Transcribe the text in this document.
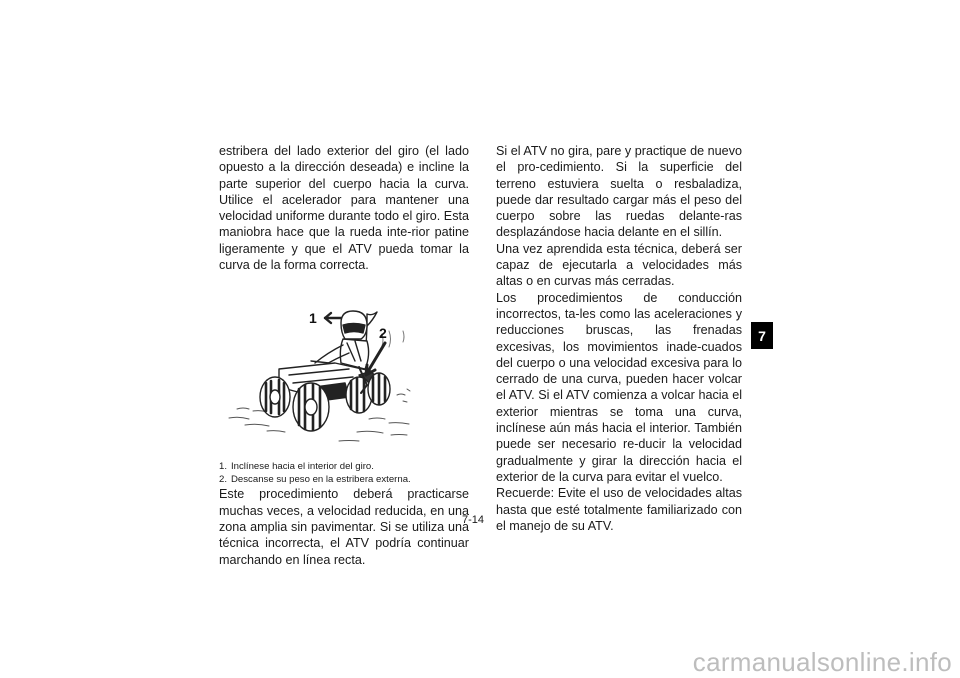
estribera del lado exterior del giro (el lado opuesto a la dirección deseada) e incline la parte superior del cuerpo hacia la curva. Utilice el acelerador para mantener una velocidad uniforme durante todo el giro. Esta maniobra hace que la rueda inte-rior patine ligeramente y que el ATV pueda tomar la curva de la forma correcta.

1
2
1. Inclínese hacia el interior del giro.
2. Descanse su peso en la estribera externa.

Este procedimiento deberá practicarse muchas veces, a velocidad reducida, en una zona amplia sin pavimentar. Si se utiliza una técnica incorrecta, el ATV podría continuar marchando en línea recta.

Si el ATV no gira, pare y practique de nuevo el pro-cedimiento. Si la superficie del terreno estuviera suelta o resbaladiza, puede dar resultado cargar más el peso del cuerpo sobre las ruedas delante-ras desplazándose hacia delante en el sillín.

Una vez aprendida esta técnica, deberá ser capaz de ejecutarla a velocidades más altas o en curvas más cerradas.

Los procedimientos de conducción incorrectos, ta-les como las aceleraciones y reducciones bruscas, las frenadas excesivas, los movimientos inade-cuados del cuerpo o una velocidad excesiva para lo cerrado de una curva, pueden hacer volcar el ATV. Si el ATV comienza a volcar hacia el exterior mientras se toma una curva, inclínese aún más hacia el interior. También puede ser necesario re-ducir la velocidad gradualmente y girar la dirección hacia el exterior de la curva para evitar el vuelco.

Recuerde: Evite el uso de velocidades altas hasta que esté totalmente familiarizado con el manejo de su ATV.

7
7-14
carmanualsonline.info
